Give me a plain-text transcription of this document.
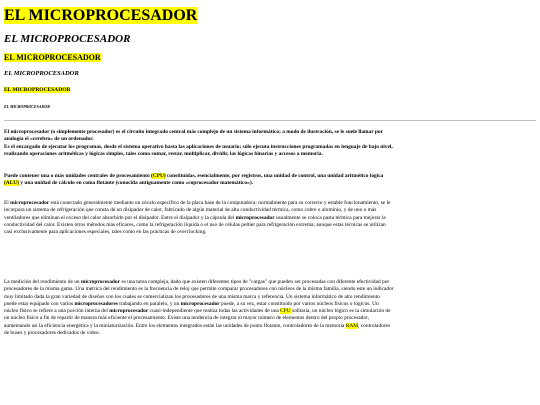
EL MICROPROCESADOR
EL MICROPROCESADOR
EL MICROPROCESADOR
EL MICROPROCESADOR
EL MICROPROCESADOR
EL MICROPROCESADOR
El microprocesador (o simplemente procesador) es el circuito integrado central más complejo de un sistema informático; a modo de ilustración, se le suele llamar por analogía el «cerebro» de un ordenador.
Es el encargado de ejecutar los programas, desde el sistema operativo hasta las aplicaciones de usuario; sólo ejecuta instrucciones programadas en lenguaje de bajo nivel, realizando operaciones aritméticas y lógicas simples, tales como sumar, restar, multiplicar, dividir, las lógicas binarias y accesos a memoria.
Puede contener una o más unidades centrales de procesamiento (CPU) constituidas, esencialmente, por registros, una unidad de control, una unidad aritmético lógica (ALU) y una unidad de cálculo en coma flotante (conocida antiguamente como «coprocesador matemático»).
El microprocesador está conectado generalmente mediante un zócalo específico de la placa base de la computadora; normalmente para su correcto y estable funcionamiento, se le incorpora un sistema de refrigeración que consta de un disipador de calor, fabricado de algún material de alta conductividad térmica, como cobre o aluminio, y de uno o más ventiladores que eliminan el exceso del calor absorbido por el disipador. Entre el disipador y la cápsula del microprocesador usualmente se coloca pasta térmica para mejorar la conductividad del calor. Existen otros métodos más eficaces, como la refrigeración líquida o el uso de células peltier para refrigeración extrema, aunque estas técnicas se utilizan casi exclusivamente para aplicaciones especiales, tales como en las prácticas de overclocking.
La medición del rendimiento de un microprocesador es una tarea compleja, dado que existen diferentes tipos de "cargas" que pueden ser procesadas con diferente efectividad por procesadores de la misma gama. Una métrica del rendimiento es la frecuencia de reloj que permite comparar procesadores con núcleos de la misma familia, siendo este un indicador muy limitado dada la gran variedad de diseños con los cuales se comercializan los procesadores de una misma marca y referencia. Un sistema informático de alto rendimiento puede estar equipado con varios microprocesadores trabajando en paralelo, y un microprocesador puede, a su vez, estar constituido por varios núcleos físicos o lógicos. Un núcleo físico se refiere a una porción interna del microprocesador cuasi-independiente que realiza todas las actividades de una CPU solitaria, un núcleo lógico es la simulación de un núcleo físico a fin de repartir de manera más eficiente el procesamiento. Existe una tendencia de integrar el mayor número de elementos dentro del propio procesador, aumentando así la eficiencia energética y la miniaturización. Entre los elementos integrados están las unidades de punto flotante, controladores de la memoria RAM, controladores de buses y procesadores dedicados de video.
